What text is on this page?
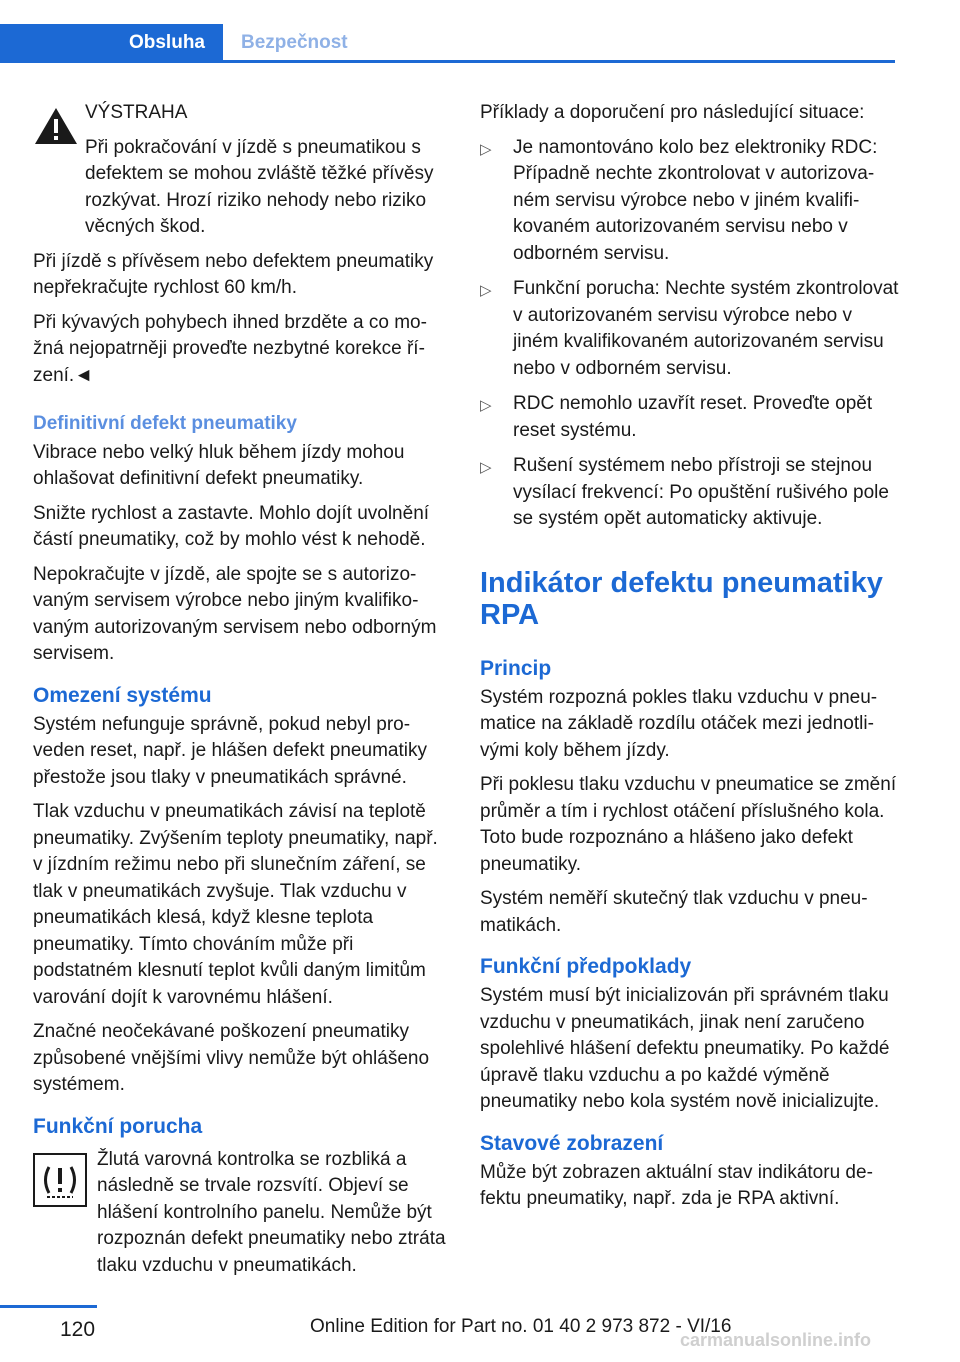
Obsluha	Bezpečnost

VÝSTRAHA

Při pokračování v jízdě s pneumatikou s defektem se mohou zvláště těžké přívěsy rozkývat. Hrozí riziko nehody nebo riziko věcných škod.

Při jízdě s přívěsem nebo defektem pneumatiky nepřekračujte rychlost 60 km/h.

Při kývavých pohybech ihned brzděte a co možná nejopatrněji proveďte nezbytné korekce řízení.◄

Definitivní defekt pneumatiky

Vibrace nebo velký hluk během jízdy mohou ohlašovat definitivní defekt pneumatiky.

Snižte rychlost a zastavte. Mohlo dojít uvolnění částí pneumatiky, což by mohlo vést k nehodě.

Nepokračujte v jízdě, ale spojte se s autorizovaným servisem výrobce nebo jiným kvalifikovaným autorizovaným servisem nebo odborným servisem.

Omezení systému

Systém nefunguje správně, pokud nebyl proveden reset, např. je hlášen defekt pneumatiky přestože jsou tlaky v pneumatikách správné.

Tlak vzduchu v pneumatikách závisí na teplotě pneumatiky. Zvýšením teploty pneumatiky, např. v jízdním režimu nebo při slunečním záření, se tlak v pneumatikách zvyšuje. Tlak vzduchu v pneumatikách klesá, když klesne teplota pneumatiky. Tímto chováním může při podstatném klesnutí teplot kvůli daným limitům varování dojít k varovnému hlášení.

Značné neočekávané poškození pneumatiky způsobené vnějšími vlivy nemůže být ohlášeno systémem.

Funkční porucha

Žlutá varovná kontrolka se rozbliká a následně se trvale rozsvítí. Objeví se hlášení kontrolního panelu. Nemůže být rozpoznán defekt pneumatiky nebo ztráta tlaku vzduchu v pneumatikách.

Příklady a doporučení pro následující situace:

▷ Je namontováno kolo bez elektroniky RDC: Případně nechte zkontrolovat v autorizovaném servisu výrobce nebo v jiném kvalifikovaném autorizovaném servisu nebo v odborném servisu.
▷ Funkční porucha: Nechte systém zkontrolovat v autorizovaném servisu výrobce nebo v jiném kvalifikovaném autorizovaném servisu nebo v odborném servisu.
▷ RDC nemohlo uzavřít reset. Proveďte opět reset systému.
▷ Rušení systémem nebo přístroji se stejnou vysílací frekvencí: Po opuštění rušivého pole se systém opět automaticky aktivuje.
Indikátor defektu pneumatiky RPA
Princip

Systém rozpozná pokles tlaku vzduchu v pneumatice na základě rozdílu otáček mezi jednotlivými koly během jízdy.

Při poklesu tlaku vzduchu v pneumatice se změní průměr a tím i rychlost otáčení příslušného kola. Toto bude rozpoznáno a hlášeno jako defekt pneumatiky.

Systém neměří skutečný tlak vzduchu v pneumatikách.

Funkční předpoklady

Systém musí být inicializován při správném tlaku vzduchu v pneumatikách, jinak není zaručeno spolehlivé hlášení defektu pneumatiky. Po každé úpravě tlaku vzduchu a po každé výměně pneumatiky nebo kola systém nově inicializujte.

Stavové zobrazení

Může být zobrazen aktuální stav indikátoru defektu pneumatiky, např. zda je RPA aktivní.

120	Online Edition for Part no. 01 40 2 973 872 - VI/16
carmanualsonline.info
